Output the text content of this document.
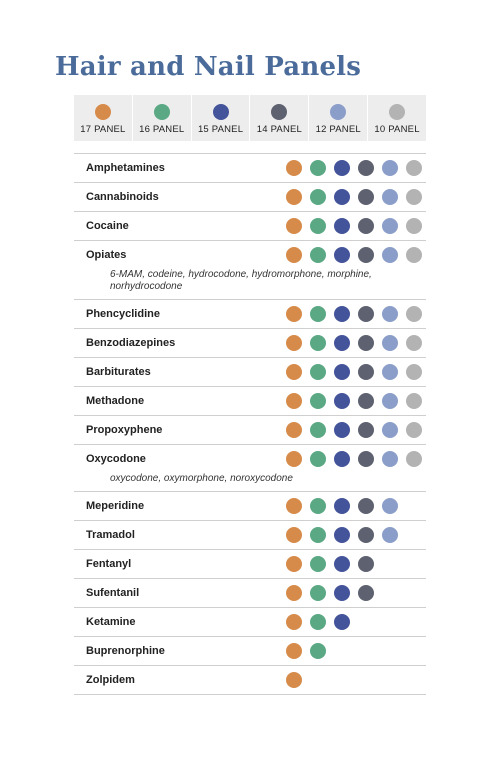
Hair and Nail Panels
17 PANEL 16 PANEL 15 PANEL 14 PANEL 12 PANEL 10 PANEL
Amphetamines
Cannabinoids
Cocaine
Opiates
6-MAM, codeine, hydrocodone, hydromorphone, morphine, norhydrocodone
Phencyclidine
Benzodiazepines
Barbiturates
Methadone
Propoxyphene
Oxycodone
oxycodone, oxymorphone, noroxycodone
Meperidine
Tramadol
Fentanyl
Sufentanil
Ketamine
Buprenorphine
Zolpidem
